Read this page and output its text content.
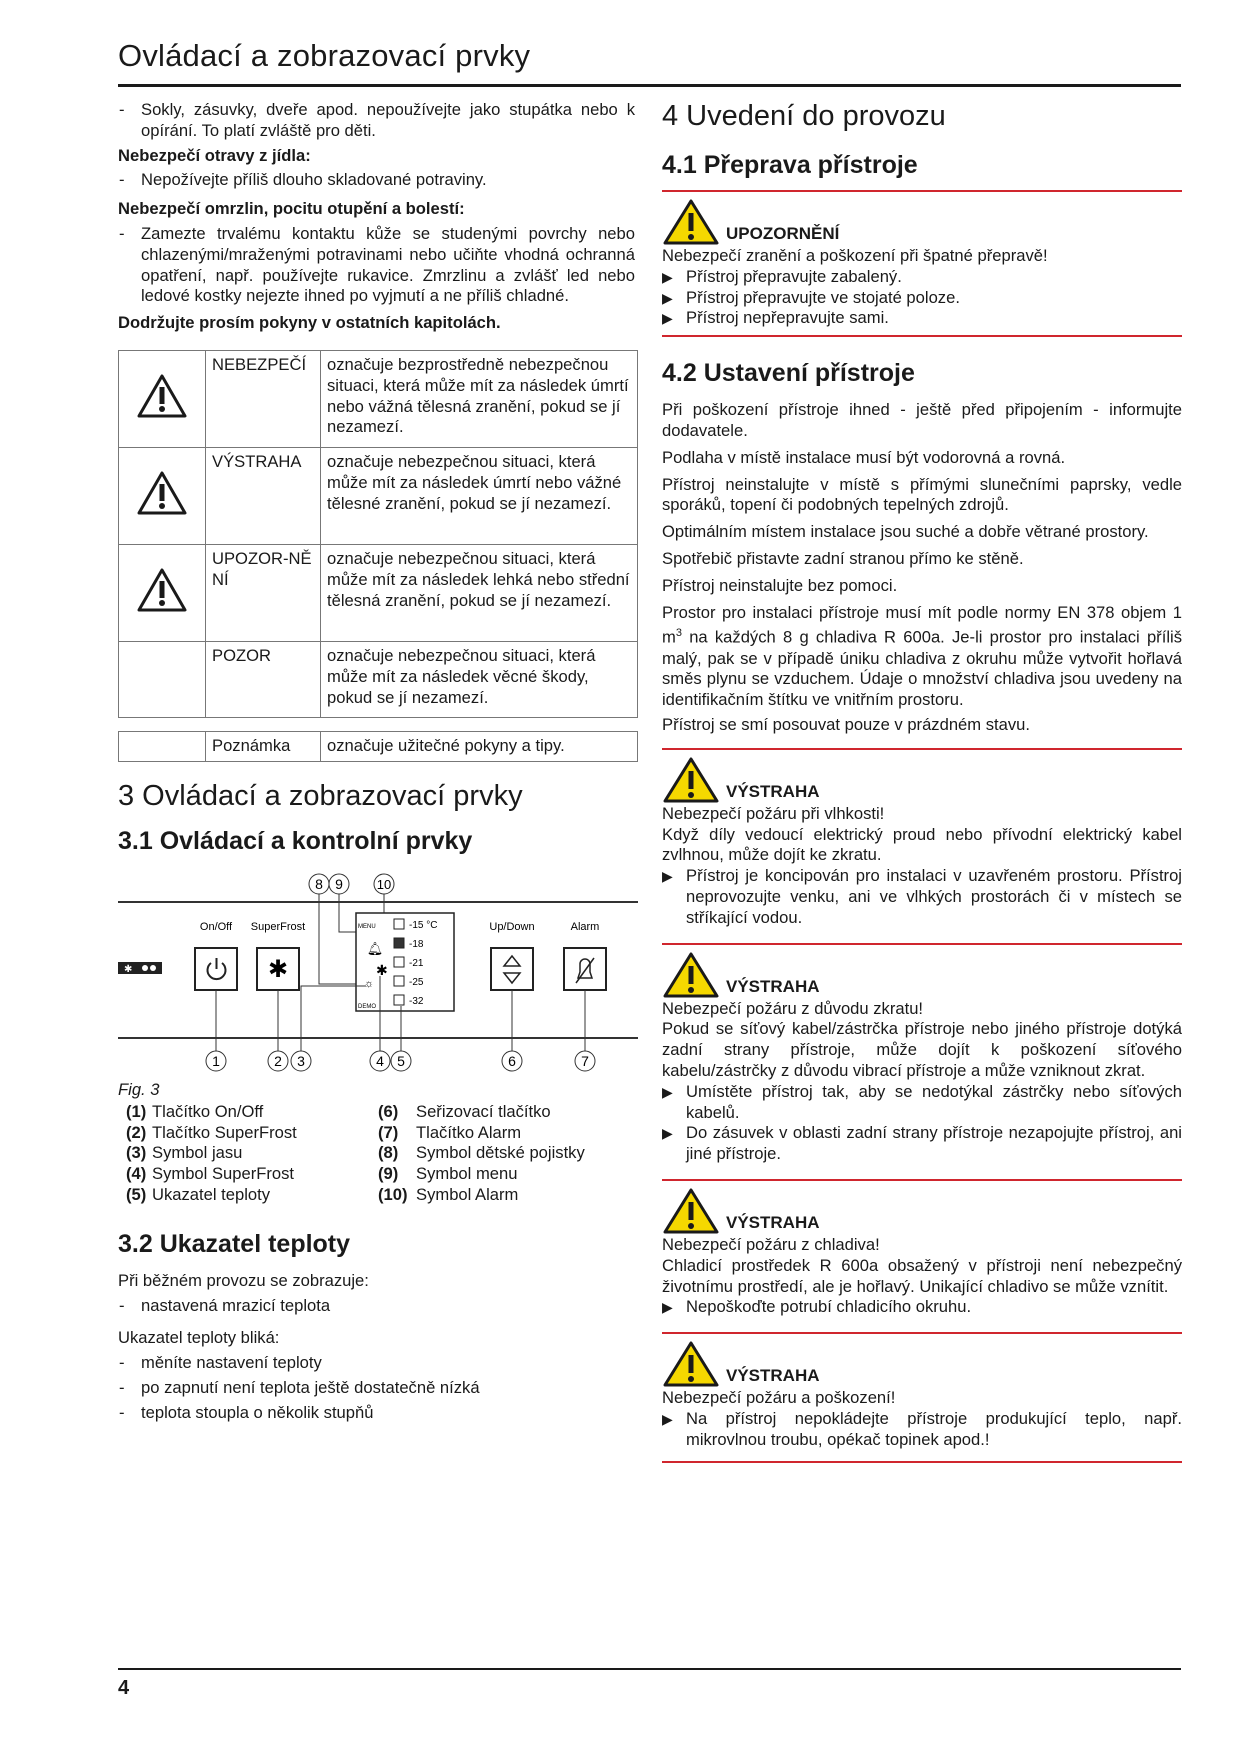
Ovládací a zobrazovací prvky
- Sokly, zásuvky, dveře apod. nepoužívejte jako stupátka nebo k opírání. To platí zvláště pro děti.

Nebezpečí otravy z jídla:

- Nepožívejte příliš dlouho skladované potraviny.

Nebezpečí omrzlin, pocitu otupění a bolestí:

- Zamezte trvalému kontaktu kůže se studenými povrchy nebo chlazenými/mraženými potravinami nebo učiňte vhodná ochranná opatření, např. používejte rukavice. Zmrzlinu a zvlášť led nebo ledové kostky nejezte ihned po vyjmutí a ne příliš chladné.

Dodržujte prosím pokyny v ostatních kapitolách.

	NEBEZPEČÍ	označuje bezprostředně nebezpečnou situaci, která může mít za následek úmrtí nebo vážná tělesná zranění, pokud se jí nezamezí.
	VÝSTRAHA	označuje nebezpečnou situaci, která může mít za následek úmrtí nebo vážné tělesné zranění, pokud se jí nezamezí.
	UPOZOR-NĚNÍ	označuje nebezpečnou situaci, která může mít za následek lehká nebo střední tělesná zranění, pokud se jí nezamezí.
	POZOR	označuje nebezpečnou situaci, která může mít za následek věcné škody, pokud se jí nezamezí.

	Poznámka	označuje užitečné pokyny a tipy.
3 Ovládací a zobrazovací prvky
3.1 Ovládací a kontrolní prvky
8 9	10
✱
On/Off SuperFrost	Up/Down	Alarm
✱
MENU
DEMO
🔔︎
☼
✱
-15 °C
-18
-21
-25
-32
1	2 3	4 5	6	7
Fig. 3
(1) Tlačítko On/Off	(6)	Seřizovací tlačítko
(2) Tlačítko SuperFrost	(7)	Tlačítko Alarm
(3) Symbol jasu	(8)	Symbol dětské pojistky
(4) Symbol SuperFrost	(9)	Symbol menu
(5) Ukazatel teploty	(10) Symbol Alarm
3.2 Ukazatel teploty

Při běžném provozu se zobrazuje:

- nastavená mrazicí teplota

Ukazatel teploty bliká:

- měníte nastavení teploty
- po zapnutí není teplota ještě dostatečně nízká
- teplota stoupla o několik stupňů
4 Uvedení do provozu
4.1 Přeprava přístroje
UPOZORNĚNÍ

Nebezpečí zranění a poškození při špatné přepravě!

▶ Přístroj přepravujte zabalený.
▶ Přístroj přepravujte ve stojaté poloze.
▶ Přístroj nepřepravujte sami.
4.2 Ustavení přístroje

Při poškození přístroje ihned - ještě před připojením - informujte dodavatele.

Podlaha v místě instalace musí být vodorovná a rovná.

Přístroj neinstalujte v místě s přímými slunečními paprsky, vedle sporáků, topení či podobných tepelných zdrojů.

Optimálním místem instalace jsou suché a dobře větrané prostory.

Spotřebič přistavte zadní stranou přímo ke stěně.

Přístroj neinstalujte bez pomoci.

Prostor pro instalaci přístroje musí mít podle normy EN 378 objem 1 $m^3$ na každých 8 g chladiva R 600a. Je-li prostor pro instalaci příliš malý, pak se v případě úniku chladiva z okruhu může vytvořit hořlavá směs plynu se vzduchem. Údaje o množství chladiva jsou uvedeny na identifikačním štítku ve vnitřním prostoru.

Přístroj se smí posouvat pouze v prázdném stavu.

VÝSTRAHA

Nebezpečí požáru při vlhkosti!

Když díly vedoucí elektrický proud nebo přívodní elektrický kabel zvlhnou, může dojít ke zkratu.

▶ Přístroj je koncipován pro instalaci v uzavřeném prostoru. Přístroj neprovozujte venku, ani ve vlhkých prostorách či v místech se stříkající vodou.
VÝSTRAHA

Nebezpečí požáru z důvodu zkratu!

Pokud se síťový kabel/zástrčka přístroje nebo jiného přístroje dotýká zadní strany přístroje, může dojít k poškození síťového kabelu/zástrčky z důvodu vibrací přístroje a může vzniknout zkrat.

▶ Umístěte přístroj tak, aby se nedotýkal zástrčky nebo síťových kabelů.
▶ Do zásuvek v oblasti zadní strany přístroje nezapojujte přístroj, ani jiné přístroje.
VÝSTRAHA

Nebezpečí požáru z chladiva!

Chladicí prostředek R 600a obsažený v přístroji není nebezpečný životnímu prostředí, ale je hořlavý. Unikající chladivo se může vznítit.

▶ Nepoškoďte potrubí chladicího okruhu.
VÝSTRAHA

Nebezpečí požáru a poškození!

▶ Na přístroj nepokládejte přístroje produkující teplo, např. mikrovlnou troubu, opékač topinek apod.!
4
